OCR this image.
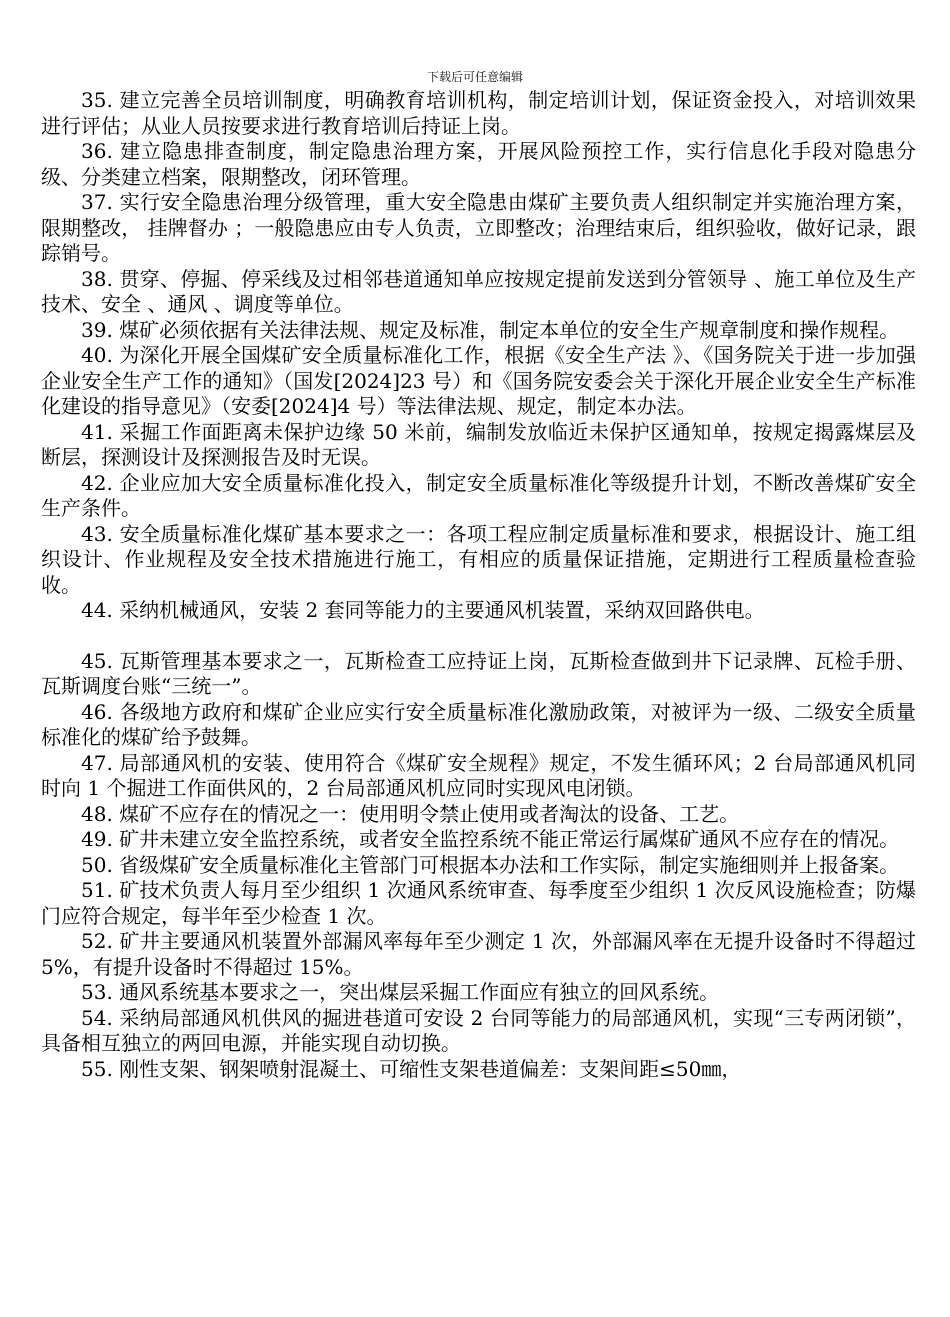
下载后可任意编辑

35. 建立完善全员培训制度，明确教育培训机构，制定培训计划，保证资金投入，对培训效果进行评估；从业人员按要求进行教育培训后持证上岗。

36. 建立隐患排查制度，制定隐患治理方案，开展风险预控工作，实行信息化手段对隐患分级、分类建立档案，限期整改，闭环管理。

37. 实行安全隐患治理分级管理，重大安全隐患由煤矿主要负责人组织制定并实施治理方案，限期整改， 挂牌督办 ；一般隐患应由专人负责，立即整改；治理结束后，组织验收，做好记录，跟踪销号。

38. 贯穿、停掘、停采线及过相邻巷道通知单应按规定提前发送到分管领导 、施工单位及生产技术、安全 、通风 、调度等单位。

39. 煤矿必须依据有关法律法规、规定及标准，制定本单位的安全生产规章制度和操作规程。

40. 为深化开展全国煤矿安全质量标准化工作，根据《安全生产法 》、《国务院关于进一步加强企业安全生产工作的通知》（国发[2024]23 号）和《国务院安委会关于深化开展企业安全生产标准化建设的指导意见》（安委[2024]4 号）等法律法规、规定，制定本办法。

41. 采掘工作面距离未保护边缘 50 米前，编制发放临近未保护区通知单，按规定揭露煤层及断层，探测设计及探测报告及时无误。

42. 企业应加大安全质量标准化投入，制定安全质量标准化等级提升计划，不断改善煤矿安全生产条件。

43. 安全质量标准化煤矿基本要求之一：各项工程应制定质量标准和要求，根据设计、施工组织设计、作业规程及安全技术措施进行施工，有相应的质量保证措施，定期进行工程质量检查验收。

44. 采纳机械通风，安装 2 套同等能力的主要通风机装置，采纳双回路供电。

45. 瓦斯管理基本要求之一，瓦斯检查工应持证上岗，瓦斯检查做到井下记录牌、瓦检手册、瓦斯调度台账“三统一”。

46. 各级地方政府和煤矿企业应实行安全质量标准化激励政策，对被评为一级、二级安全质量标准化的煤矿给予鼓舞。

47. 局部通风机的安装、使用符合《煤矿安全规程》规定，不发生循环风；2 台局部通风机同时向 1 个掘进工作面供风的，2 台局部通风机应同时实现风电闭锁。

48. 煤矿不应存在的情况之一：使用明令禁止使用或者淘汰的设备、工艺。

49. 矿井未建立安全监控系统，或者安全监控系统不能正常运行属煤矿通风不应存在的情况。

50. 省级煤矿安全质量标准化主管部门可根据本办法和工作实际，制定实施细则并上报备案。

51. 矿技术负责人每月至少组织 1 次通风系统审查、每季度至少组织 1 次反风设施检查；防爆门应符合规定，每半年至少检查 1 次。

52. 矿井主要通风机装置外部漏风率每年至少测定 1 次，外部漏风率在无提升设备时不得超过 5%，有提升设备时不得超过 15%。

53. 通风系统基本要求之一，突出煤层采掘工作面应有独立的回风系统。

54. 采纳局部通风机供风的掘进巷道可安设 2 台同等能力的局部通风机，实现“三专两闭锁”，具备相互独立的两回电源，并能实现自动切换。

55. 刚性支架、钢架喷射混凝土、可缩性支架巷道偏差：支架间距≤50㎜，
